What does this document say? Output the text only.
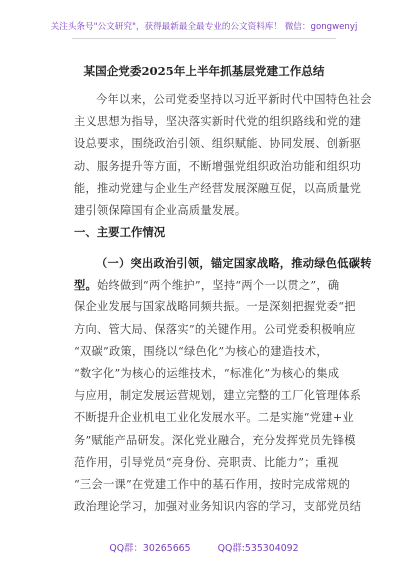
关注头条号"公文研究"，获得最新最全最专业的公文资料库！ 微信：gongwenyj
某国企党委2025年上半年抓基层党建工作总结
今年以来，公司党委坚持以习近平新时代中国特色社会
主义思想为指导，坚决落实新时代党的组织路线和党的建
设总要求，围绕政治引领、组织赋能、协同发展、创新驱
动、服务提升等方面，不断增强党组织政治功能和组织功
能，推动党建与企业生产经营发展深融互促，以高质量党
建引领保障国有企业高质量发展。
一、主要工作情况
（一）突出政治引领，锚定国家战略，推动绿色低碳转
型。始终做到“两个维护”，坚持“两个一以贯之”，确
保企业发展与国家战略同频共振。一是深刻把握党委“把
方向、管大局、保落实”的关键作用。公司党委积极响应
“双碳”政策，围绕以“绿色化”为核心的建造技术，
“数字化”为核心的运维技术，“标准化”为核心的集成
与应用，制定发展运营规划，建立完整的工厂化管理体系
不断提升企业机电工业化发展水平。二是实施“党建+业
务”赋能产品研发。深化党业融合，充分发挥党员先锋模
范作用，引导党员“亮身份、亮职责、比能力”；重视
“三会一课”在党建工作中的基石作用，按时完成常规的
政治理论学习，加强对业务知识内容的学习，支部党员结
QQ群：30265665	QQ群:535304092
